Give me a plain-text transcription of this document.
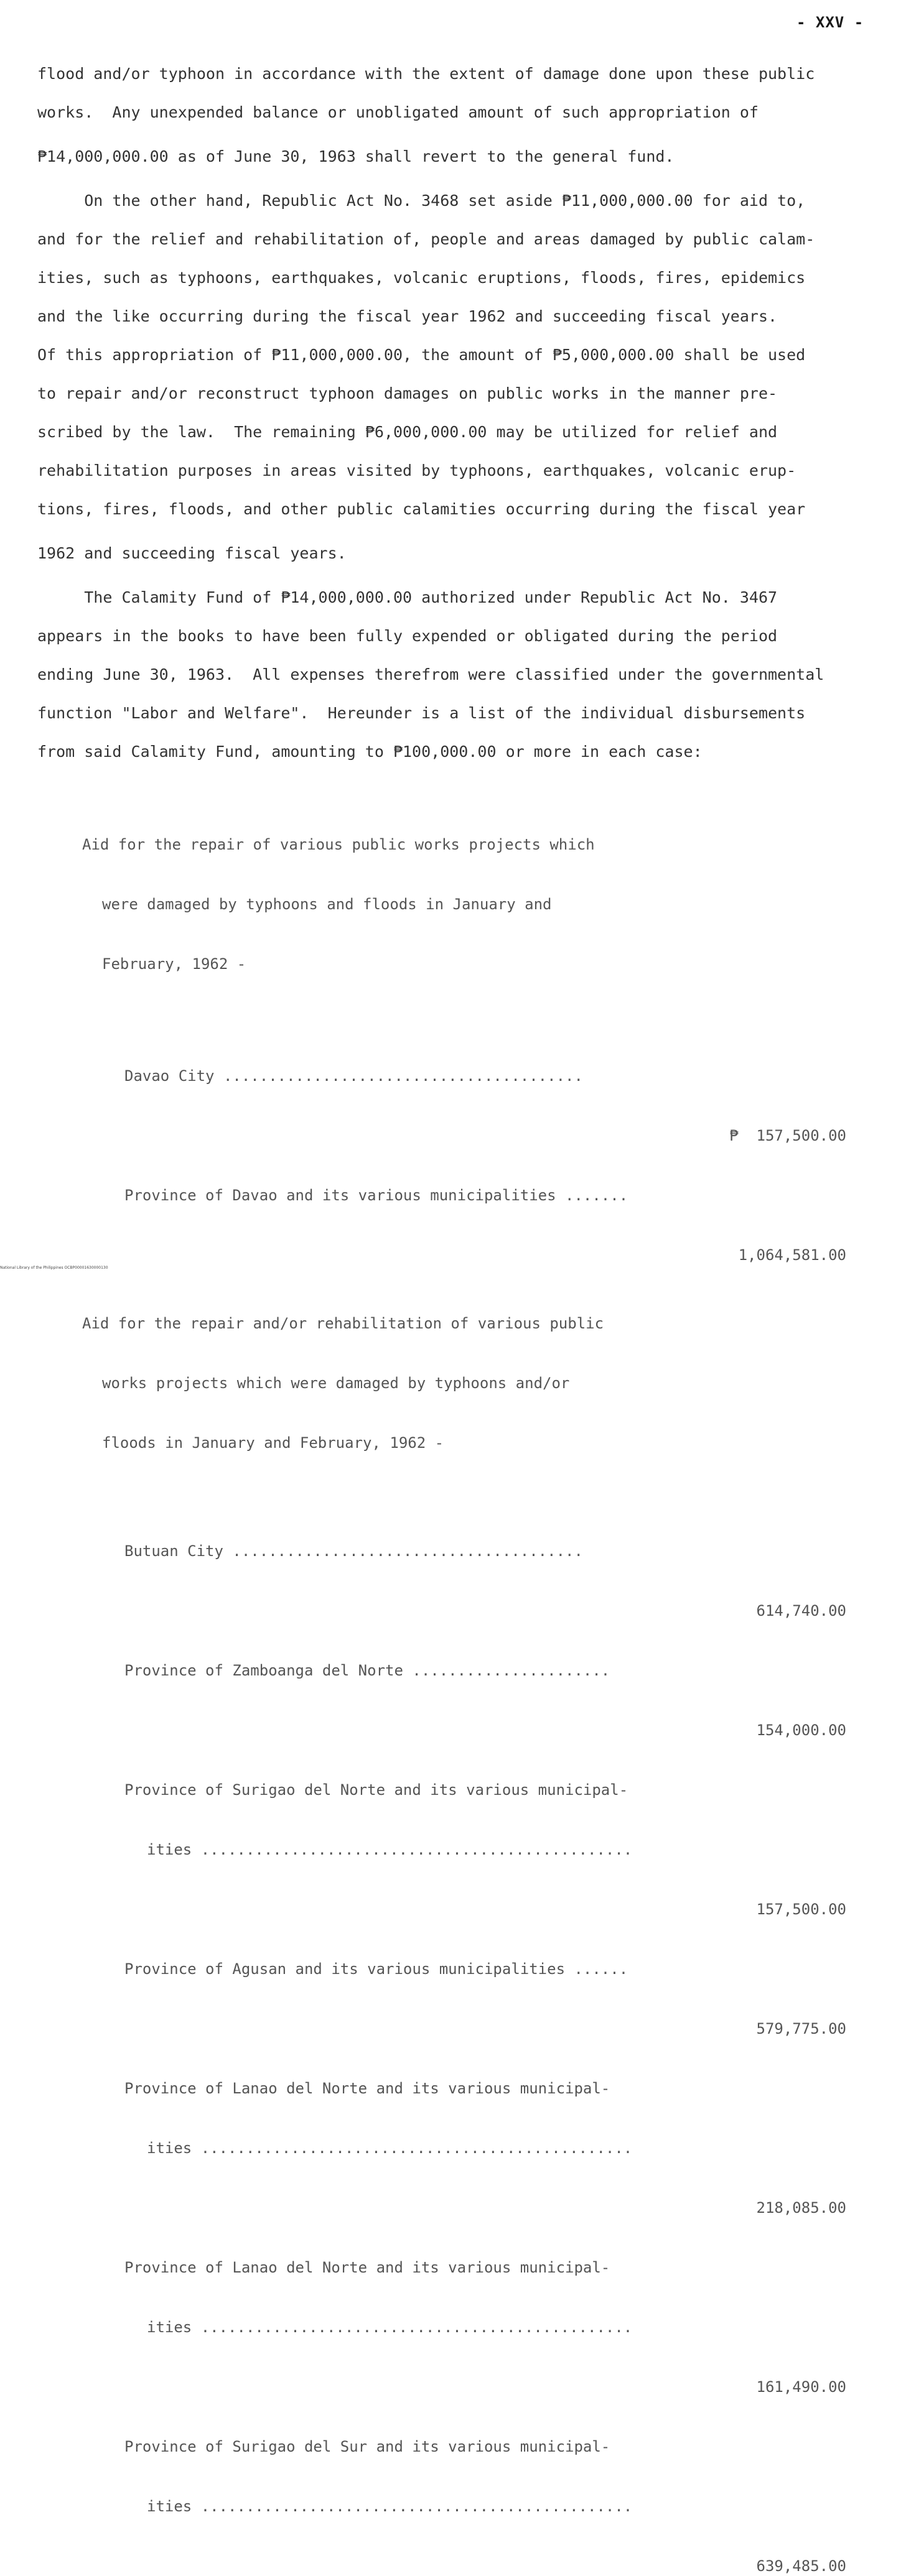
- XXV -
flood and/or typhoon in accordance with the extent of damage done upon these public
works.  Any unexpended balance or unobligated amount of such appropriation of
₱14,000,000.00 as of June 30, 1963 shall revert to the general fund.
On the other hand, Republic Act No. 3468 set aside ₱11,000,000.00 for aid to,
and for the relief and rehabilitation of, people and areas damaged by public calam-
ities, such as typhoons, earthquakes, volcanic eruptions, floods, fires, epidemics
and the like occurring during the fiscal year 1962 and succeeding fiscal years.
Of this appropriation of ₱11,000,000.00, the amount of ₱5,000,000.00 shall be used
to repair and/or reconstruct typhoon damages on public works in the manner pre-
scribed by the law.  The remaining ₱6,000,000.00 may be utilized for relief and
rehabilitation purposes in areas visited by typhoons, earthquakes, volcanic erup-
tions, fires, floods, and other public calamities occurring during the fiscal year
1962 and succeeding fiscal years.
The Calamity Fund of ₱14,000,000.00 authorized under Republic Act No. 3467
appears in the books to have been fully expended or obligated during the period
ending June 30, 1963.  All expenses therefrom were classified under the governmental
function "Labor and Welfare".  Hereunder is a list of the individual disbursements
from said Calamity Fund, amounting to ₱100,000.00 or more in each case:

Aid for the repair of various public works projects which

were damaged by typhoons and floods in January and

February, 1962 -

Davao City ........................................

₱  157,500.00

Province of Davao and its various municipalities .......

1,064,581.00

Aid for the repair and/or rehabilitation of various public

works projects which were damaged by typhoons and/or

floods in January and February, 1962 -

Butuan City .......................................

614,740.00

Province of Zamboanga del Norte ......................

154,000.00

Province of Surigao del Norte and its various municipal-

ities ................................................

157,500.00

Province of Agusan and its various municipalities ......

579,775.00

Province of Lanao del Norte and its various municipal-

ities ................................................

218,085.00

Province of Lanao del Norte and its various municipal-

ities ................................................

161,490.00

Province of Surigao del Sur and its various municipal-

ities ................................................

639,485.00

National Library of the Philippines OCBP00001630000130
